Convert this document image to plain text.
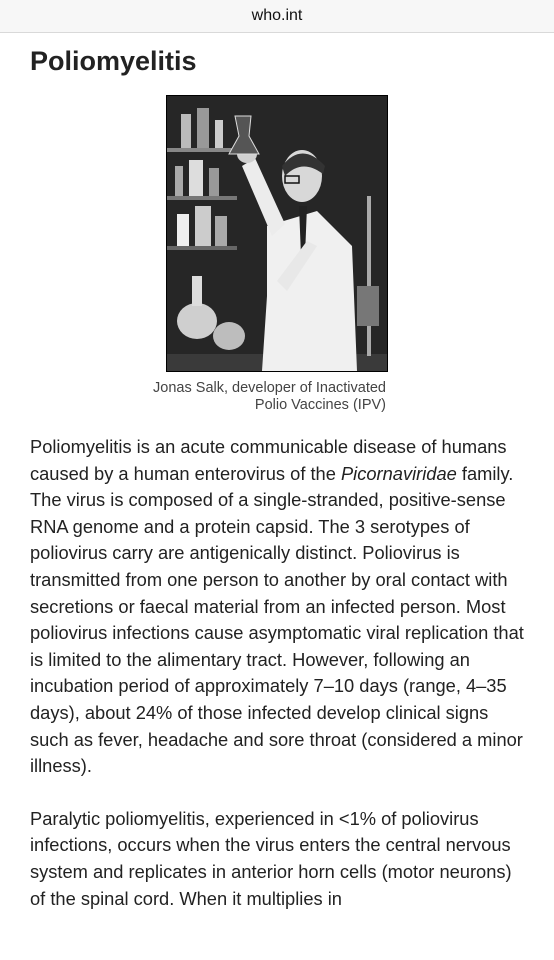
who.int
Poliomyelitis
Jonas Salk, developer of Inactivated Polio Vaccines (IPV)

Poliomyelitis is an acute communicable disease of humans caused by a human enterovirus of the Picornaviridae family. The virus is composed of a single-stranded, positive-sense RNA genome and a protein capsid. The 3 serotypes of poliovirus carry are antigenically distinct. Poliovirus is transmitted from one person to another by oral contact with secretions or faecal material from an infected person. Most poliovirus infections cause asymptomatic viral replication that is limited to the alimentary tract. However, following an incubation period of approximately 7–10 days (range, 4–35 days), about 24% of those infected develop clinical signs such as fever, headache and sore throat (considered a minor illness).

Paralytic poliomyelitis, experienced in <1% of poliovirus infections, occurs when the virus enters the central nervous system and replicates in anterior horn cells (motor neurons) of the spinal cord. When it multiplies in
